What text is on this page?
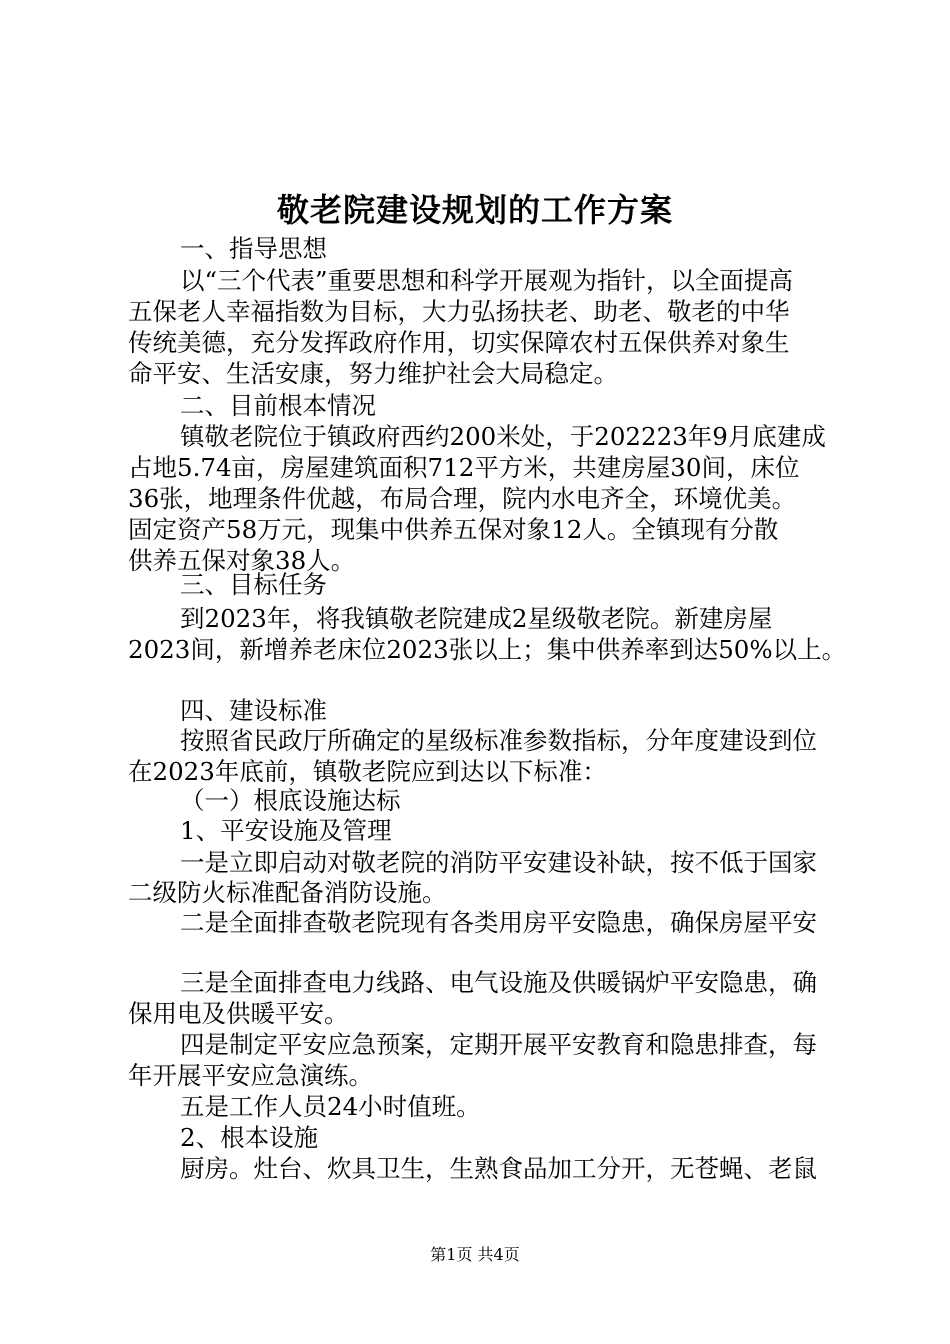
敬老院建设规划的工作方案
一、指导思想
以“三个代表”重要思想和科学开展观为指针，以全面提高
五保老人幸福指数为目标，大力弘扬扶老、助老、敬老的中华
传统美德，充分发挥政府作用，切实保障农村五保供养对象生
命平安、生活安康，努力维护社会大局稳定。
二、目前根本情况
镇敬老院位于镇政府西约200米处，于202223年9月底建成
占地5.74亩，房屋建筑面积712平方米，共建房屋30间，床位
36张，地理条件优越，布局合理，院内水电齐全，环境优美。
固定资产58万元，现集中供养五保对象12人。全镇现有分散
供养五保对象38人。
三、目标任务
到2023年，将我镇敬老院建成2星级敬老院。新建房屋
2023间，新增养老床位2023张以上；集中供养率到达50%以上。
四、建设标准
按照省民政厅所确定的星级标准参数指标，分年度建设到位
在2023年底前，镇敬老院应到达以下标准：
（一）根底设施达标
1、平安设施及管理
一是立即启动对敬老院的消防平安建设补缺，按不低于国家
二级防火标准配备消防设施。
二是全面排查敬老院现有各类用房平安隐患，确保房屋平安
三是全面排查电力线路、电气设施及供暖锅炉平安隐患，确
保用电及供暖平安。
四是制定平安应急预案，定期开展平安教育和隐患排查，每
年开展平安应急演练。
五是工作人员24小时值班。
2、根本设施
厨房。灶台、炊具卫生，生熟食品加工分开，无苍蝇、老鼠
第1页 共4页
